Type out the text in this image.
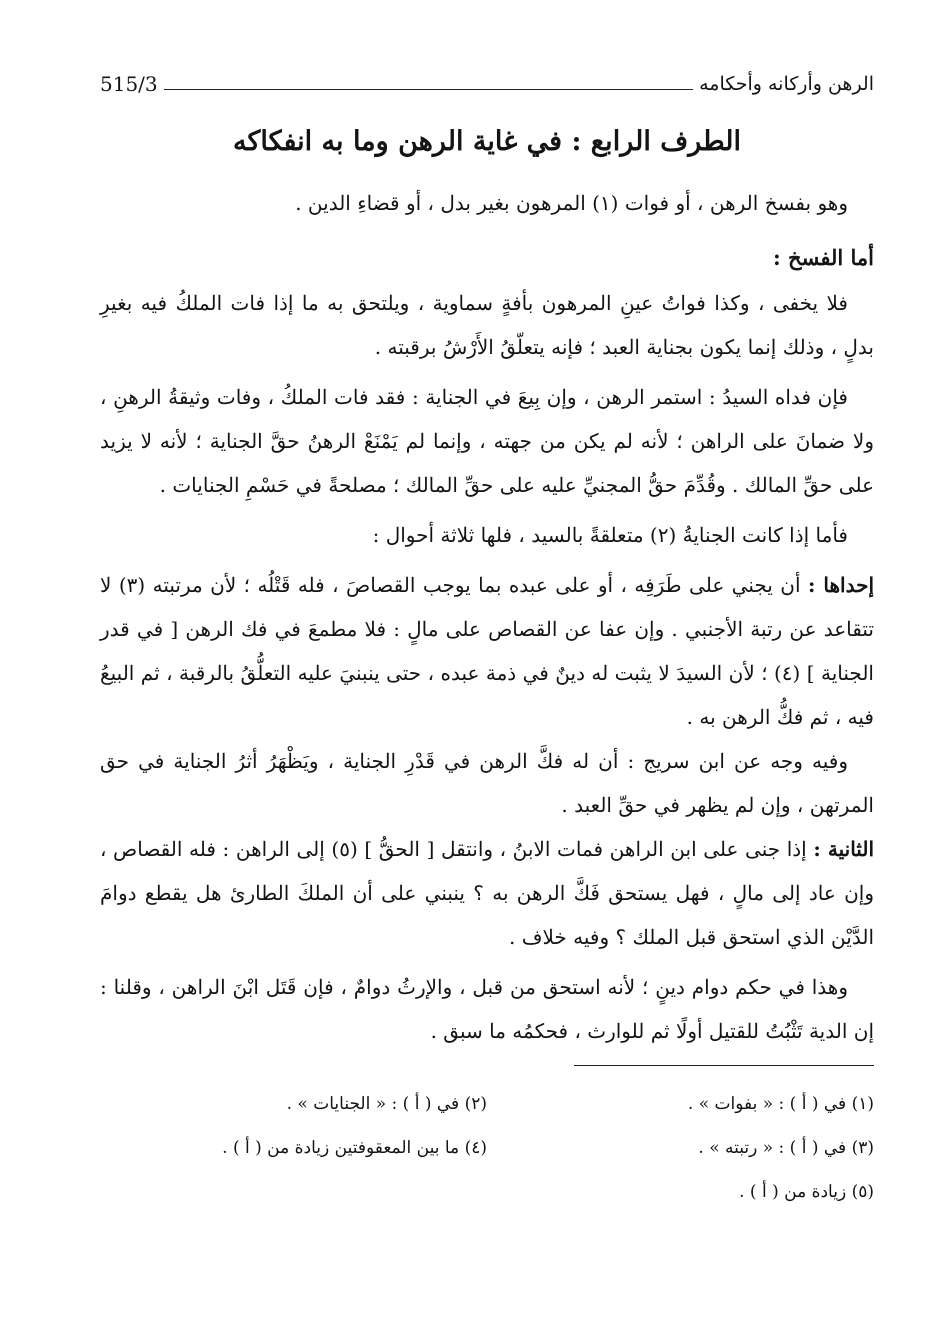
الرهن وأركانه وأحكامه
515/3
الطرف الرابع : في غاية الرهن وما به انفكاكه

وهو بفسخ الرهن ، أو فوات (١) المرهون بغير بدل ، أو قضاءِ الدين .

أما الفسخ :

فلا يخفى ، وكذا فواتُ عينِ المرهون بأفةٍ سماوية ، ويلتحق به ما إذا فات الملكُ فيه بغيرِ بدلٍ ، وذلك إنما يكون بجناية العبد ؛ فإنه يتعلّقُ الأَرْشُ برقبته .

فإن فداه السيدُ : استمر الرهن ، وإن بِيعَ في الجناية : فقد فات الملكُ ، وفات وثيقةُ الرهنِ ، ولا ضمانَ على الراهن ؛ لأنه لم يكن من جهته ، وإنما لم يَمْنَعْ الرهنُ حقَّ الجناية ؛ لأنه لا يزيد على حقِّ المالك . وقُدِّمَ حقُّ المجنيِّ عليه على حقِّ المالك ؛ مصلحةً في حَسْمِ الجنايات .

فأما إذا كانت الجنايةُ (٢) متعلقةً بالسيد ، فلها ثلاثة أحوال :

إحداها : أن يجني على طَرَفِه ، أو على عبده بما يوجب القصاصَ ، فله قَتْلُه ؛ لأن مرتبته (٣) لا تتقاعد عن رتبة الأجنبي . وإن عفا عن القصاص على مالٍ : فلا مطمعَ في فك الرهن [ في قدر الجناية ] (٤) ؛ لأن السيدَ لا يثبت له دينٌ في ذمة عبده ، حتى ينبنيَ عليه التعلُّقُ بالرقبة ، ثم البيعُ فيه ، ثم فكُّ الرهن به .

وفيه وجه عن ابن سريج : أن له فكَّ الرهن في قَدْرِ الجناية ، ويَظْهَرُ أثرُ الجناية في حق المرتهن ، وإن لم يظهر في حقِّ العبد .

الثانية : إذا جنى على ابن الراهن فمات الابنُ ، وانتقل [ الحقُّ ] (٥) إلى الراهن : فله القصاص ، وإن عاد إلى مالٍ ، فهل يستحق فَكَّ الرهن به ؟ ينبني على أن الملكَ الطارئ هل يقطع دوامَ الدَّيْن الذي استحق قبل الملك ؟ وفيه خلاف .

وهذا في حكم دوام دينٍ ؛ لأنه استحق من قبل ، والإرثُ دوامٌ ، فإن قَتَل ابْنَ الراهن ، وقلنا : إن الدية تَثْبُتُ للقتيل أولًا ثم للوارث ، فحكمُه ما سبق .

(١) في ( أ ) : « بفوات » .
(٢) في ( أ ) : « الجنايات » .
(٣) في ( أ ) : « رتبته » .
(٤) ما بين المعقوفتين زيادة من ( أ ) .
(٥) زيادة من ( أ ) .
